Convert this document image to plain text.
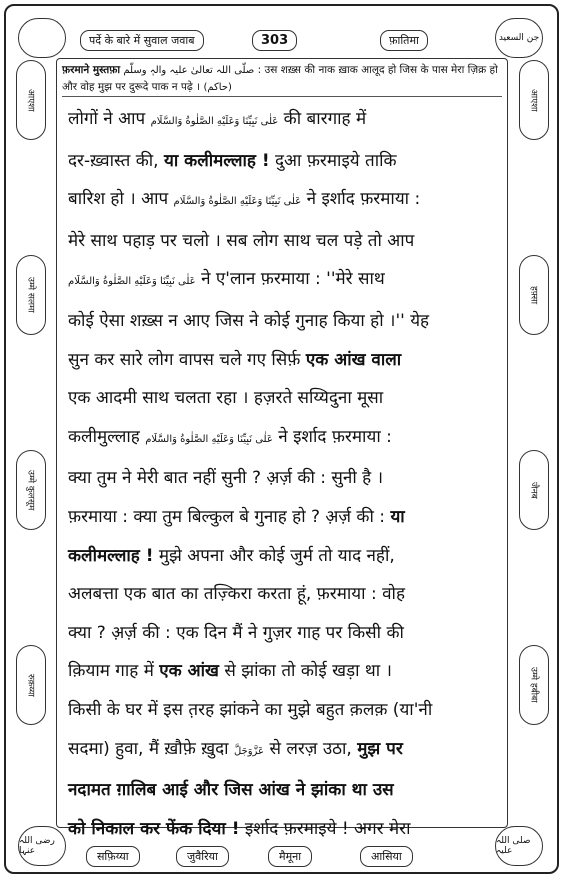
पर्दे के बारे में सुवाल जवाब	303	फ़ातिमा	جن السعید
आएशा
उम्मे सलमा
उम्मे कुलसूम
रुक़य्या
आएशा
हफ़्सा
जैनब
उम्मे हबीबा
फ़रमाने मुस्तफ़ा صلّی اللہ تعالیٰ علیہ والہٖ وسلّم : उस शख़्स की नाक ख़ाक आलूद हो जिस के पास मेरा ज़िक्र हो और वोह मुझ पर दुरूदे पाक न पढ़े । (حاکم)

लोगों ने आप عَلٰی نَبِیِّنَا وَعَلَیْهِ الصَّلٰوةُ وَالسَّلَام की बारगाह में

दर-ख़्वास्त की, या कलीमल्लाह ! दुआ फ़रमाइये ताकि

बारिश हो । आप عَلٰی نَبِیِّنَا وَعَلَیْهِ الصَّلٰوةُ وَالسَّلَام ने इर्शाद फ़रमाया :

मेरे साथ पहाड़ पर चलो । सब लोग साथ चल पड़े तो आप

عَلٰی نَبِیِّنَا وَعَلَیْهِ الصَّلٰوةُ وَالسَّلَام ने ए'लान फ़रमाया : ''मेरे साथ

कोई ऐसा शख़्स न आए जिस ने कोई गुनाह किया हो ।'' येह

सुन कर सारे लोग वापस चले गए सिर्फ़ एक आंख वाला

एक आदमी साथ चलता रहा । हज़रते सय्यिदुना मूसा

कलीमुल्लाह عَلٰی نَبِیِّنَا وَعَلَیْهِ الصَّلٰوةُ وَالسَّلَام ने इर्शाद फ़रमाया :

क्या तुम ने मेरी बात नहीं सुनी ? अ़र्ज़ की : सुनी है ।

फ़रमाया : क्या तुम बिल्कुल बे गुनाह हो ? अ़र्ज़ की : या

कलीमल्लाह ! मुझे अपना और कोई जुर्म तो याद नहीं,

अलबत्ता एक बात का तज़्किरा करता हूं, फ़रमाया : वोह

क्या ? अ़र्ज़ की : एक दिन मैं ने गुज़र गाह पर किसी की

क़ियाम गाह में एक आंख से झांका तो कोई खड़ा था ।

किसी के घर में इस त़रह झांकने का मुझे बहुत क़लक़ (या'नी

सदमा) हुवा, मैं ख़ौफ़े ख़ुदा عَزَّوَجَلَّ से लरज़ उठा, मुझ पर

नदामत ग़ालिब आई और जिस आंख ने झांका था उस

को निकाल कर फेंक दिया ! इर्शाद फ़रमाइये ! अगर मेरा

رضی اللہ عنہا
صلی اللہ علیہ
सफ़िय्या	जुवैरिया	मैमूना	आसिया
